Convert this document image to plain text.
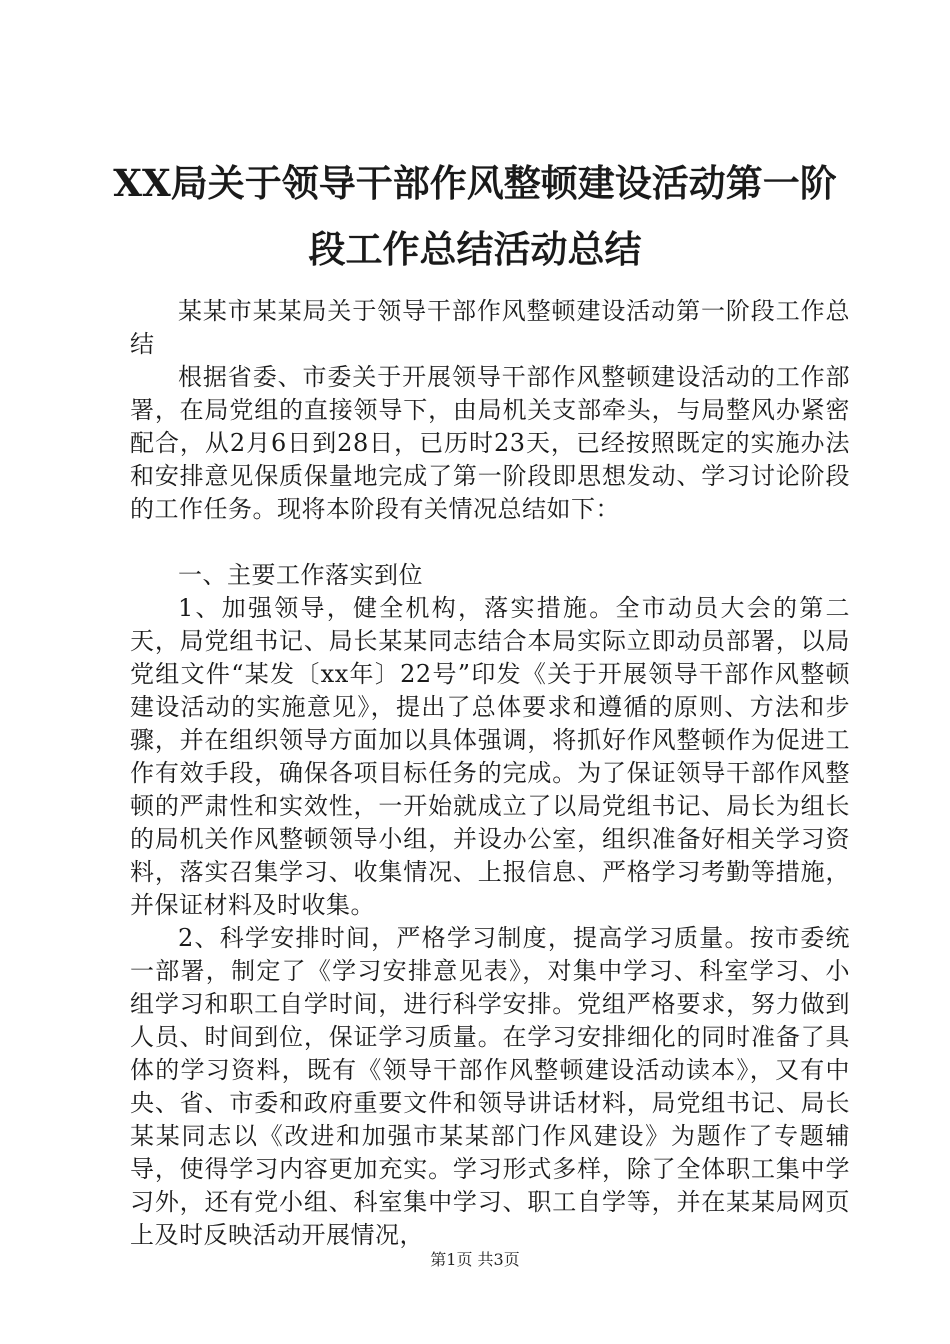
XX局关于领导干部作风整顿建设活动第一阶段工作总结活动总结

某某市某某局关于领导干部作风整顿建设活动第一阶段工作总结

根据省委、市委关于开展领导干部作风整顿建设活动的工作部署，在局党组的直接领导下，由局机关支部牵头，与局整风办紧密配合，从2月6日到28日，已历时23天，已经按照既定的实施办法和安排意见保质保量地完成了第一阶段即思想发动、学习讨论阶段的工作任务。现将本阶段有关情况总结如下：

一、主要工作落实到位

1、加强领导，健全机构，落实措施。全市动员大会的第二天，局党组书记、局长某某同志结合本局实际立即动员部署，以局党组文件“某发〔xx年〕22号”印发《关于开展领导干部作风整顿建设活动的实施意见》，提出了总体要求和遵循的原则、方法和步骤，并在组织领导方面加以具体强调，将抓好作风整顿作为促进工作有效手段，确保各项目标任务的完成。为了保证领导干部作风整顿的严肃性和实效性，一开始就成立了以局党组书记、局长为组长的局机关作风整顿领导小组，并设办公室，组织准备好相关学习资料，落实召集学习、收集情况、上报信息、严格学习考勤等措施，并保证材料及时收集。

2、科学安排时间，严格学习制度，提高学习质量。按市委统一部署，制定了《学习安排意见表》，对集中学习、科室学习、小组学习和职工自学时间，进行科学安排。党组严格要求，努力做到人员、时间到位，保证学习质量。在学习安排细化的同时准备了具体的学习资料，既有《领导干部作风整顿建设活动读本》，又有中央、省、市委和政府重要文件和领导讲话材料，局党组书记、局长某某同志以《改进和加强市某某部门作风建设》为题作了专题辅导，使得学习内容更加充实。学习形式多样，除了全体职工集中学习外，还有党小组、科室集中学习、职工自学等，并在某某局网页上及时反映活动开展情况，

第1页 共3页
